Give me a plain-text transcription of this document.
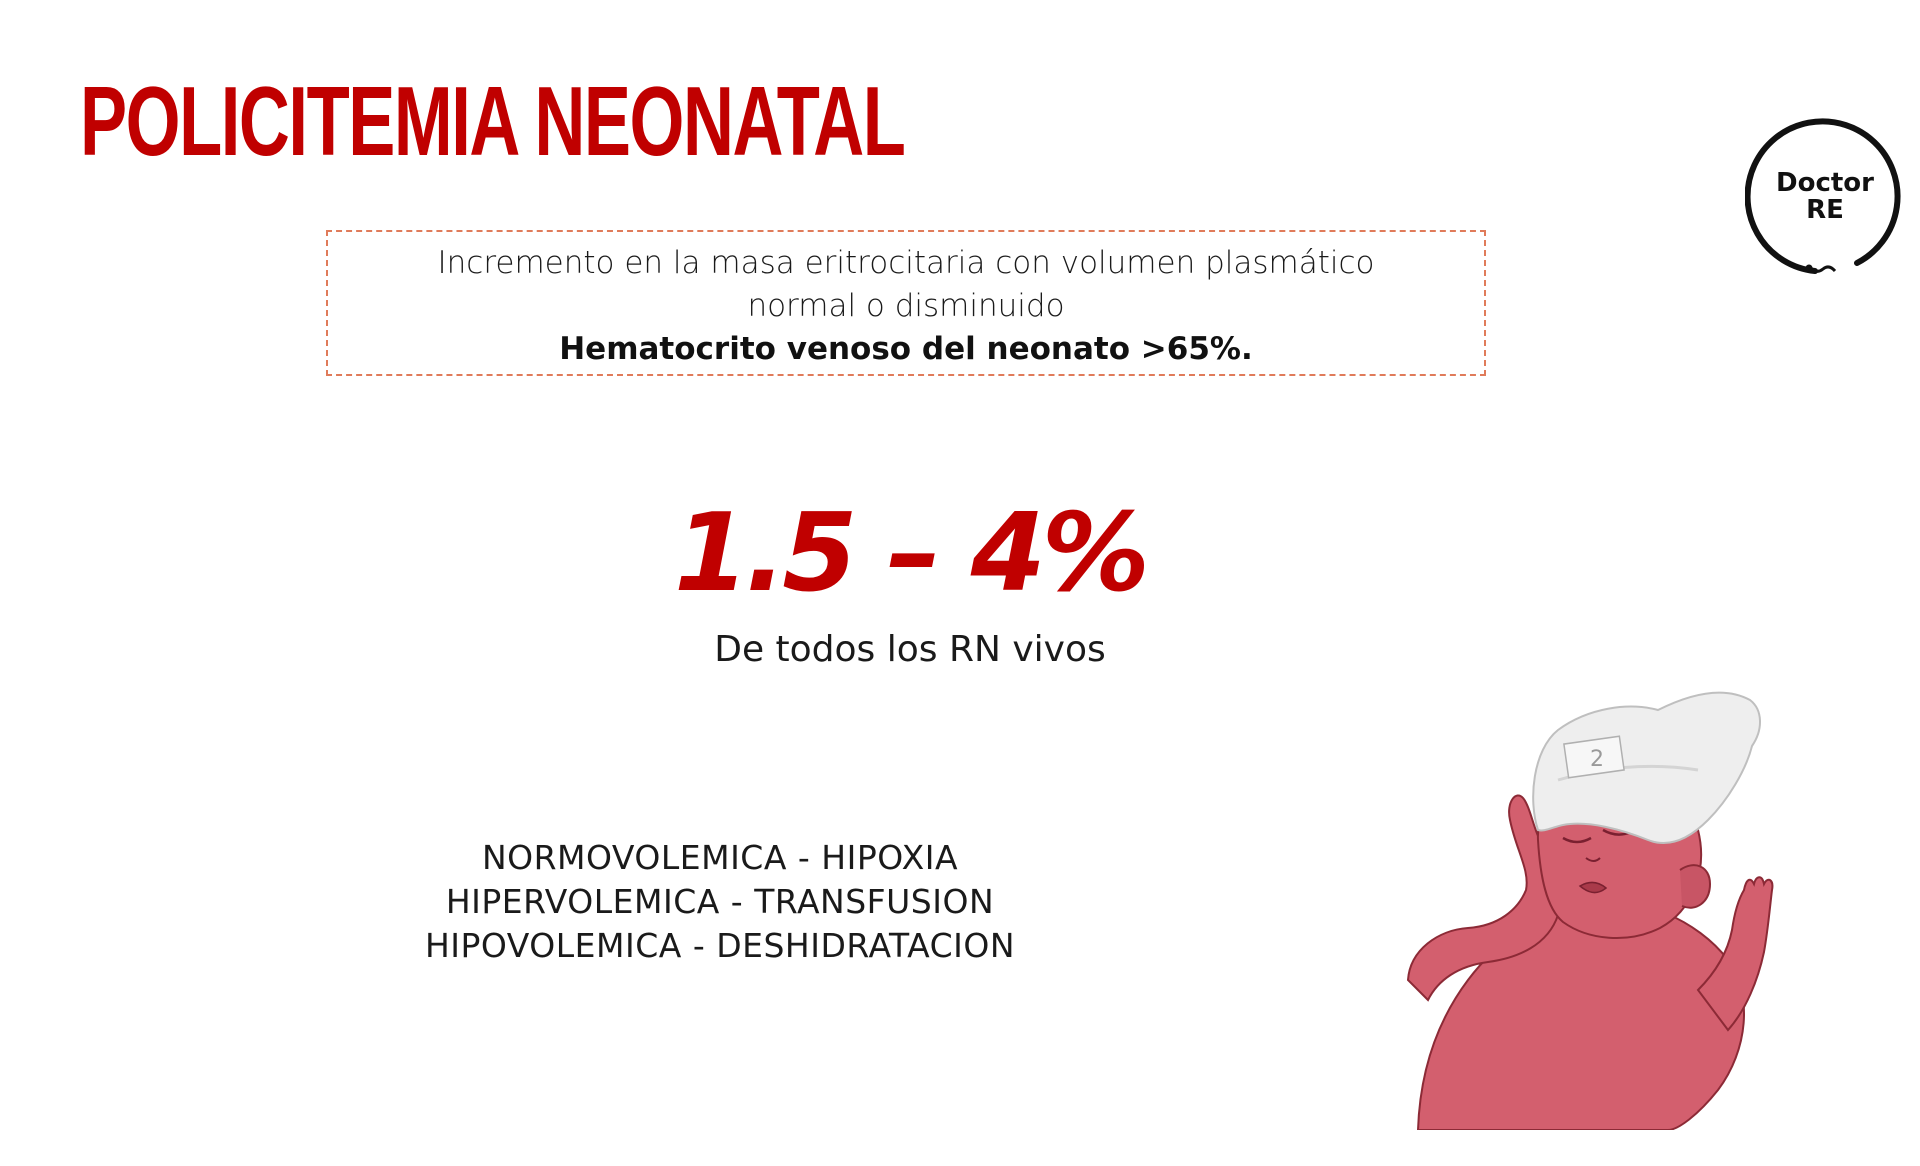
POLICITEMIA NEONATAL
Doctor
RE
Incremento en la masa eritrocitaria con volumen plasmático
normal o disminuido
Hematocrito venoso del neonato >65%.
1.5 – 4%
De todos los RN vivos
NORMOVOLEMICA - HIPOXIA
HIPERVOLEMICA - TRANSFUSION
HIPOVOLEMICA - DESHIDRATACION
2
